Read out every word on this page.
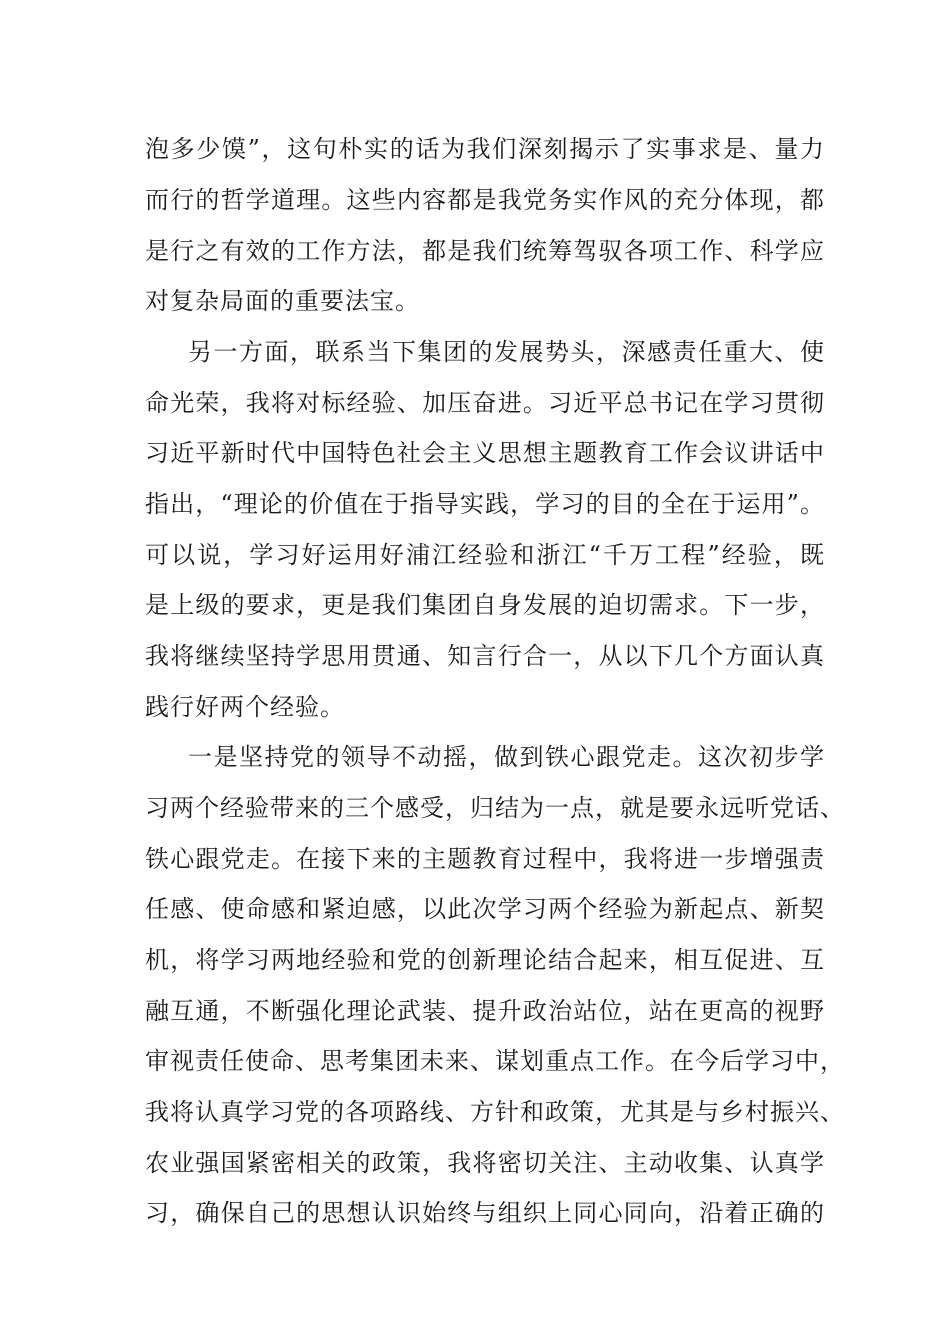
泡多少馍”，这句朴实的话为我们深刻揭示了实事求是、量力
而行的哲学道理。这些内容都是我党务实作风的充分体现，都
是行之有效的工作方法，都是我们统筹驾驭各项工作、科学应
对复杂局面的重要法宝。
另一方面，联系当下集团的发展势头，深感责任重大、使
命光荣，我将对标经验、加压奋进。习近平总书记在学习贯彻
习近平新时代中国特色社会主义思想主题教育工作会议讲话中
指出，“理论的价值在于指导实践，学习的目的全在于运用”。
可以说，学习好运用好浦江经验和浙江“千万工程”经验，既
是上级的要求，更是我们集团自身发展的迫切需求。下一步，
我将继续坚持学思用贯通、知言行合一，从以下几个方面认真
践行好两个经验。
一是坚持党的领导不动摇，做到铁心跟党走。这次初步学
习两个经验带来的三个感受，归结为一点，就是要永远听党话、
铁心跟党走。在接下来的主题教育过程中，我将进一步增强责
任感、使命感和紧迫感，以此次学习两个经验为新起点、新契
机，将学习两地经验和党的创新理论结合起来，相互促进、互
融互通，不断强化理论武装、提升政治站位，站在更高的视野
审视责任使命、思考集团未来、谋划重点工作。在今后学习中，
我将认真学习党的各项路线、方针和政策，尤其是与乡村振兴、
农业强国紧密相关的政策，我将密切关注、主动收集、认真学
习，确保自己的思想认识始终与组织上同心同向，沿着正确的
